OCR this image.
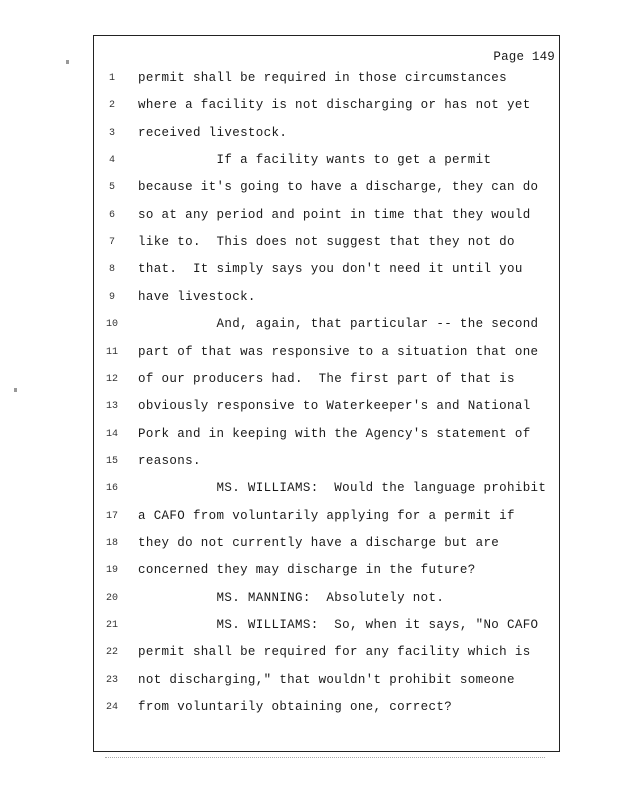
Page 149
1	permit shall be required in those circumstances
2	where a facility is not discharging or has not yet
3	received livestock.
4	If a facility wants to get a permit
5	because it's going to have a discharge, they can do
6	so at any period and point in time that they would
7	like to.  This does not suggest that they not do
8	that.  It simply says you don't need it until you
9	have livestock.
10	And, again, that particular -- the second
11	part of that was responsive to a situation that one
12	of our producers had.  The first part of that is
13	obviously responsive to Waterkeeper's and National
14	Pork and in keeping with the Agency's statement of
15	reasons.
16	MS. WILLIAMS:  Would the language prohibit
17	a CAFO from voluntarily applying for a permit if
18	they do not currently have a discharge but are
19	concerned they may discharge in the future?
20	MS. MANNING:  Absolutely not.
21	MS. WILLIAMS:  So, when it says, "No CAFO
22	permit shall be required for any facility which is
23	not discharging," that wouldn't prohibit someone
24	from voluntarily obtaining one, correct?
